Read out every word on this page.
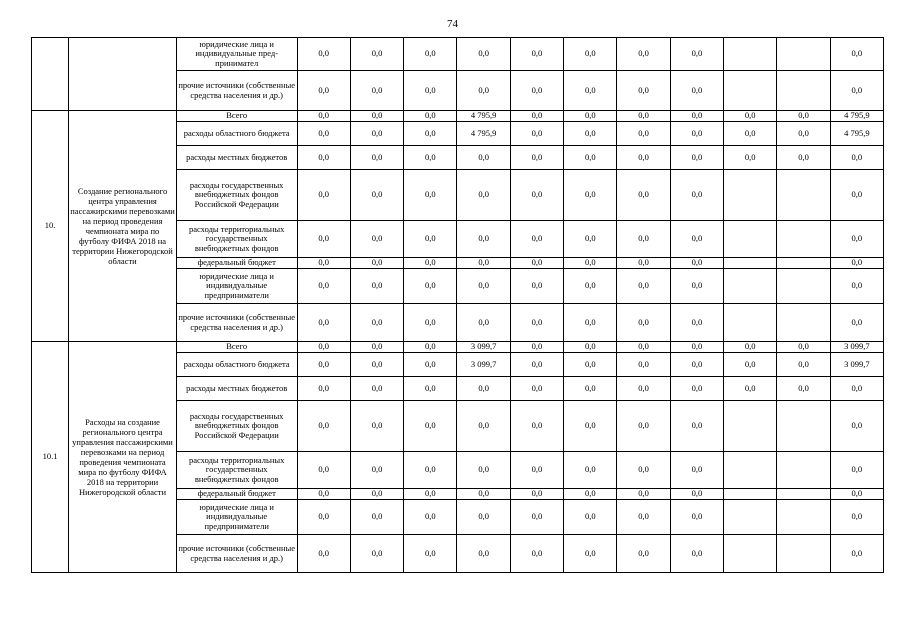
74
		юридические лица и индивидуальные пред-принимател	0,0	0,0	0,0	0,0	0,0	0,0	0,0	0,0			0,0
		прочие источники (собственные средства населения и др.)	0,0	0,0	0,0	0,0	0,0	0,0	0,0	0,0			0,0
10.	Создание регионального центра управления пассажирскими перевозками на период проведения чемпионата мира по футболу ФИФА 2018 на территории Нижегородской области	Всего	0,0	0,0	0,0	4 795,9	0,0	0,0	0,0	0,0	0,0	0,0	4 795,9
		расходы областного бюджета	0,0	0,0	0,0	4 795,9	0,0	0,0	0,0	0,0	0,0	0,0	4 795,9
		расходы местных бюджетов	0,0	0,0	0,0	0,0	0,0	0,0	0,0	0,0	0,0	0,0	0,0
		расходы государственных внебюджетных фондов Российской Федерации	0,0	0,0	0,0	0,0	0,0	0,0	0,0	0,0			0,0
		расходы территориальных государственных внебюджетных фондов	0,0	0,0	0,0	0,0	0,0	0,0	0,0	0,0			0,0
		федеральный бюджет	0,0	0,0	0,0	0,0	0,0	0,0	0,0	0,0			0,0
		юридические лица и индивидуальные предприниматели	0,0	0,0	0,0	0,0	0,0	0,0	0,0	0,0			0,0
		прочие источники (собственные средства населения и др.)	0,0	0,0	0,0	0,0	0,0	0,0	0,0	0,0			0,0
10.1	Расходы на создание регионального центра управления пассажирскими перевозками на период проведения чемпионата мира по футболу ФИФА 2018 на территории Нижегородской области	Всего	0,0	0,0	0,0	3 099,7	0,0	0,0	0,0	0,0	0,0	0,0	3 099,7
		расходы областного бюджета	0,0	0,0	0,0	3 099,7	0,0	0,0	0,0	0,0	0,0	0,0	3 099,7
		расходы местных бюджетов	0,0	0,0	0,0	0,0	0,0	0,0	0,0	0,0	0,0	0,0	0,0
		расходы государственных внебюджетных фондов Российской Федерации	0,0	0,0	0,0	0,0	0,0	0,0	0,0	0,0			0,0
		расходы территориальных государственных внебюджетных фондов	0,0	0,0	0,0	0,0	0,0	0,0	0,0	0,0			0,0
		федеральный бюджет	0,0	0,0	0,0	0,0	0,0	0,0	0,0	0,0			0,0
		юридические лица и индивидуальные предприниматели	0,0	0,0	0,0	0,0	0,0	0,0	0,0	0,0			0,0
		прочие источники (собственные средства населения и др.)	0,0	0,0	0,0	0,0	0,0	0,0	0,0	0,0			0,0
